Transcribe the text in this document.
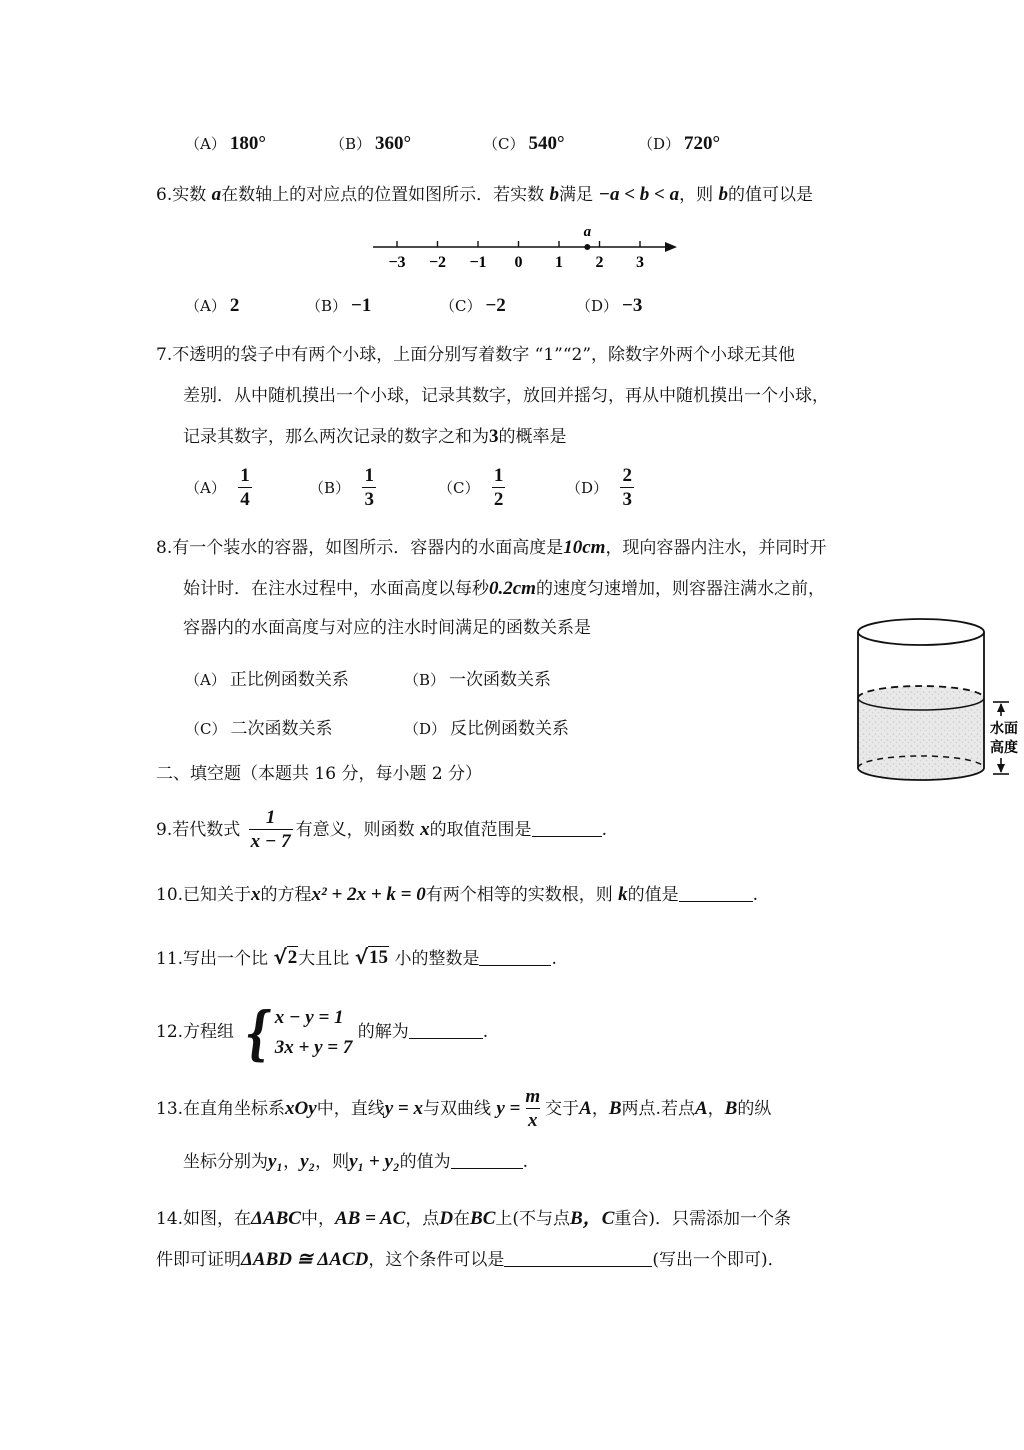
（A） 180°	（B） 360°	（C） 540°	（D） 720°
6.实数 a在数轴上的对应点的位置如图所示．若实数 b满足 −a < b < a，则 b的值可以是
−3 −2 −1 0 1 2 3
a
（A） 2	（B） −1	（C） −2	（D） −3
7.不透明的袋子中有两个小球，上面分别写着数字 “1”“2”，除数字外两个小球无其他
差别．从中随机摸出一个小球，记录其数字，放回并摇匀，再从中随机摸出一个小球，
记录其数字，那么两次记录的数字之和为3的概率是
$(A) \frac{1}{4}$	$(B) \frac{1}{3}$	$(C) \frac{1}{2}$	$(D) \frac{2}{3}$
8.有一个装水的容器，如图所示．容器内的水面高度是10cm，现向容器内注水，并同时开
始计时．在注水过程中，水面高度以每秒0.2cm的速度匀速增加，则容器注满水之前，
容器内的水面高度与对应的注水时间满足的函数关系是
（A） 正比例函数关系	（B） 一次函数关系
（C） 二次函数关系	（D） 反比例函数关系	水面
高度
二、填空题（本题共 16 分，每小题 2 分）
9.若代数式 $\frac{1}{x - 7}$ 有意义，则函数 x的取值范围是	.
10.已知关于x的方程x² + 2x + k = 0有两个相等的实数根，则 k的值是	.
11.写出一个比 √ 2 大且比 √ 15 小的整数是	.
12.方程组 { x − y = 1
3x + y = 7
的解为	.
13.在直角坐标系xOy中，直线y = x与双曲线 $y = \frac{m}{x}$ 交于A，B两点.若点A，B的纵
坐标分别为y₁，y₂，则y₁ + y₂的值为	.
14.如图，在ΔABC中，AB = AC，点D在BC上(不与点B，C重合)．只需添加一个条
件即可证明ΔABD ≅ ΔACD，这个条件可以是	(写出一个即可)．
